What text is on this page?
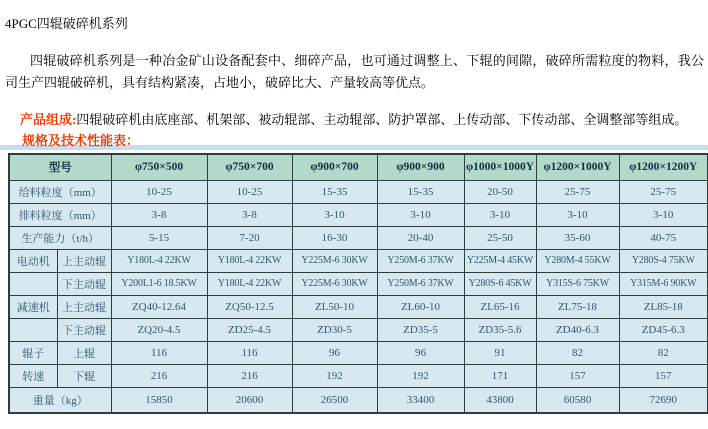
4PGC四辊破碎机系列

四辊破碎机系列是一种冶金矿山设备配套中、细碎产品，也可通过调整上、下辊的间隙，破碎所需粒度的物料，我公司生产四辊破碎机，具有结构紧凑，占地小，破碎比大、产量较高等优点。

产品组成:四辊破碎机由底座部、机架部、被动辊部、主动辊部、防护罩部、上传动部、下传动部、全调整部等组成。
规格及技术性能表：
型号		φ750×500	φ750×700	φ900×700	φ900×900	φ1000×1000Y	φ1200×1000Y	φ1200×1200Y
给料粒度（mm）		10-25	10-25	15-35	15-35	20-50	25-75	25-75
排料粒度（mm）		3-8	3-8	3-10	3-10	3-10	3-10	3-10
生产能力（t/h）		5-15	7-20	16-30	20-40	25-50	35-60	40-75
电动机	上主动辊	Y180L-4 22KW	Y180L-4 22KW	Y225M-6 30KW	Y250M-6 37KW	Y225M-4 45KW	Y280M-4 55KW	Y280S-4 75KW
	下主动辊	Y200L1-6 18.5KW	Y180L-4 22KW	Y225M-6 30KW	Y250M-6 37KW	Y280S-6 45KW	Y315S-6 75KW	Y315M-6 90KW
减速机	上主动辊	ZQ40-12.64	ZQ50-12.5	ZL50-10	ZL60-10	ZL65-16	ZL75-18	ZL85-18
	下主动辊	ZQ20-4.5	ZD25-4.5	ZD30-5	ZD35-5	ZD35-5.6	ZD40-6.3	ZD45-6.3
辊子	上辊	116	116	96	96	91	82	82
转速	下辊	216	216	192	192	171	157	157
重量（kg）		15850	20600	26500	33400	43800	60580	72690
